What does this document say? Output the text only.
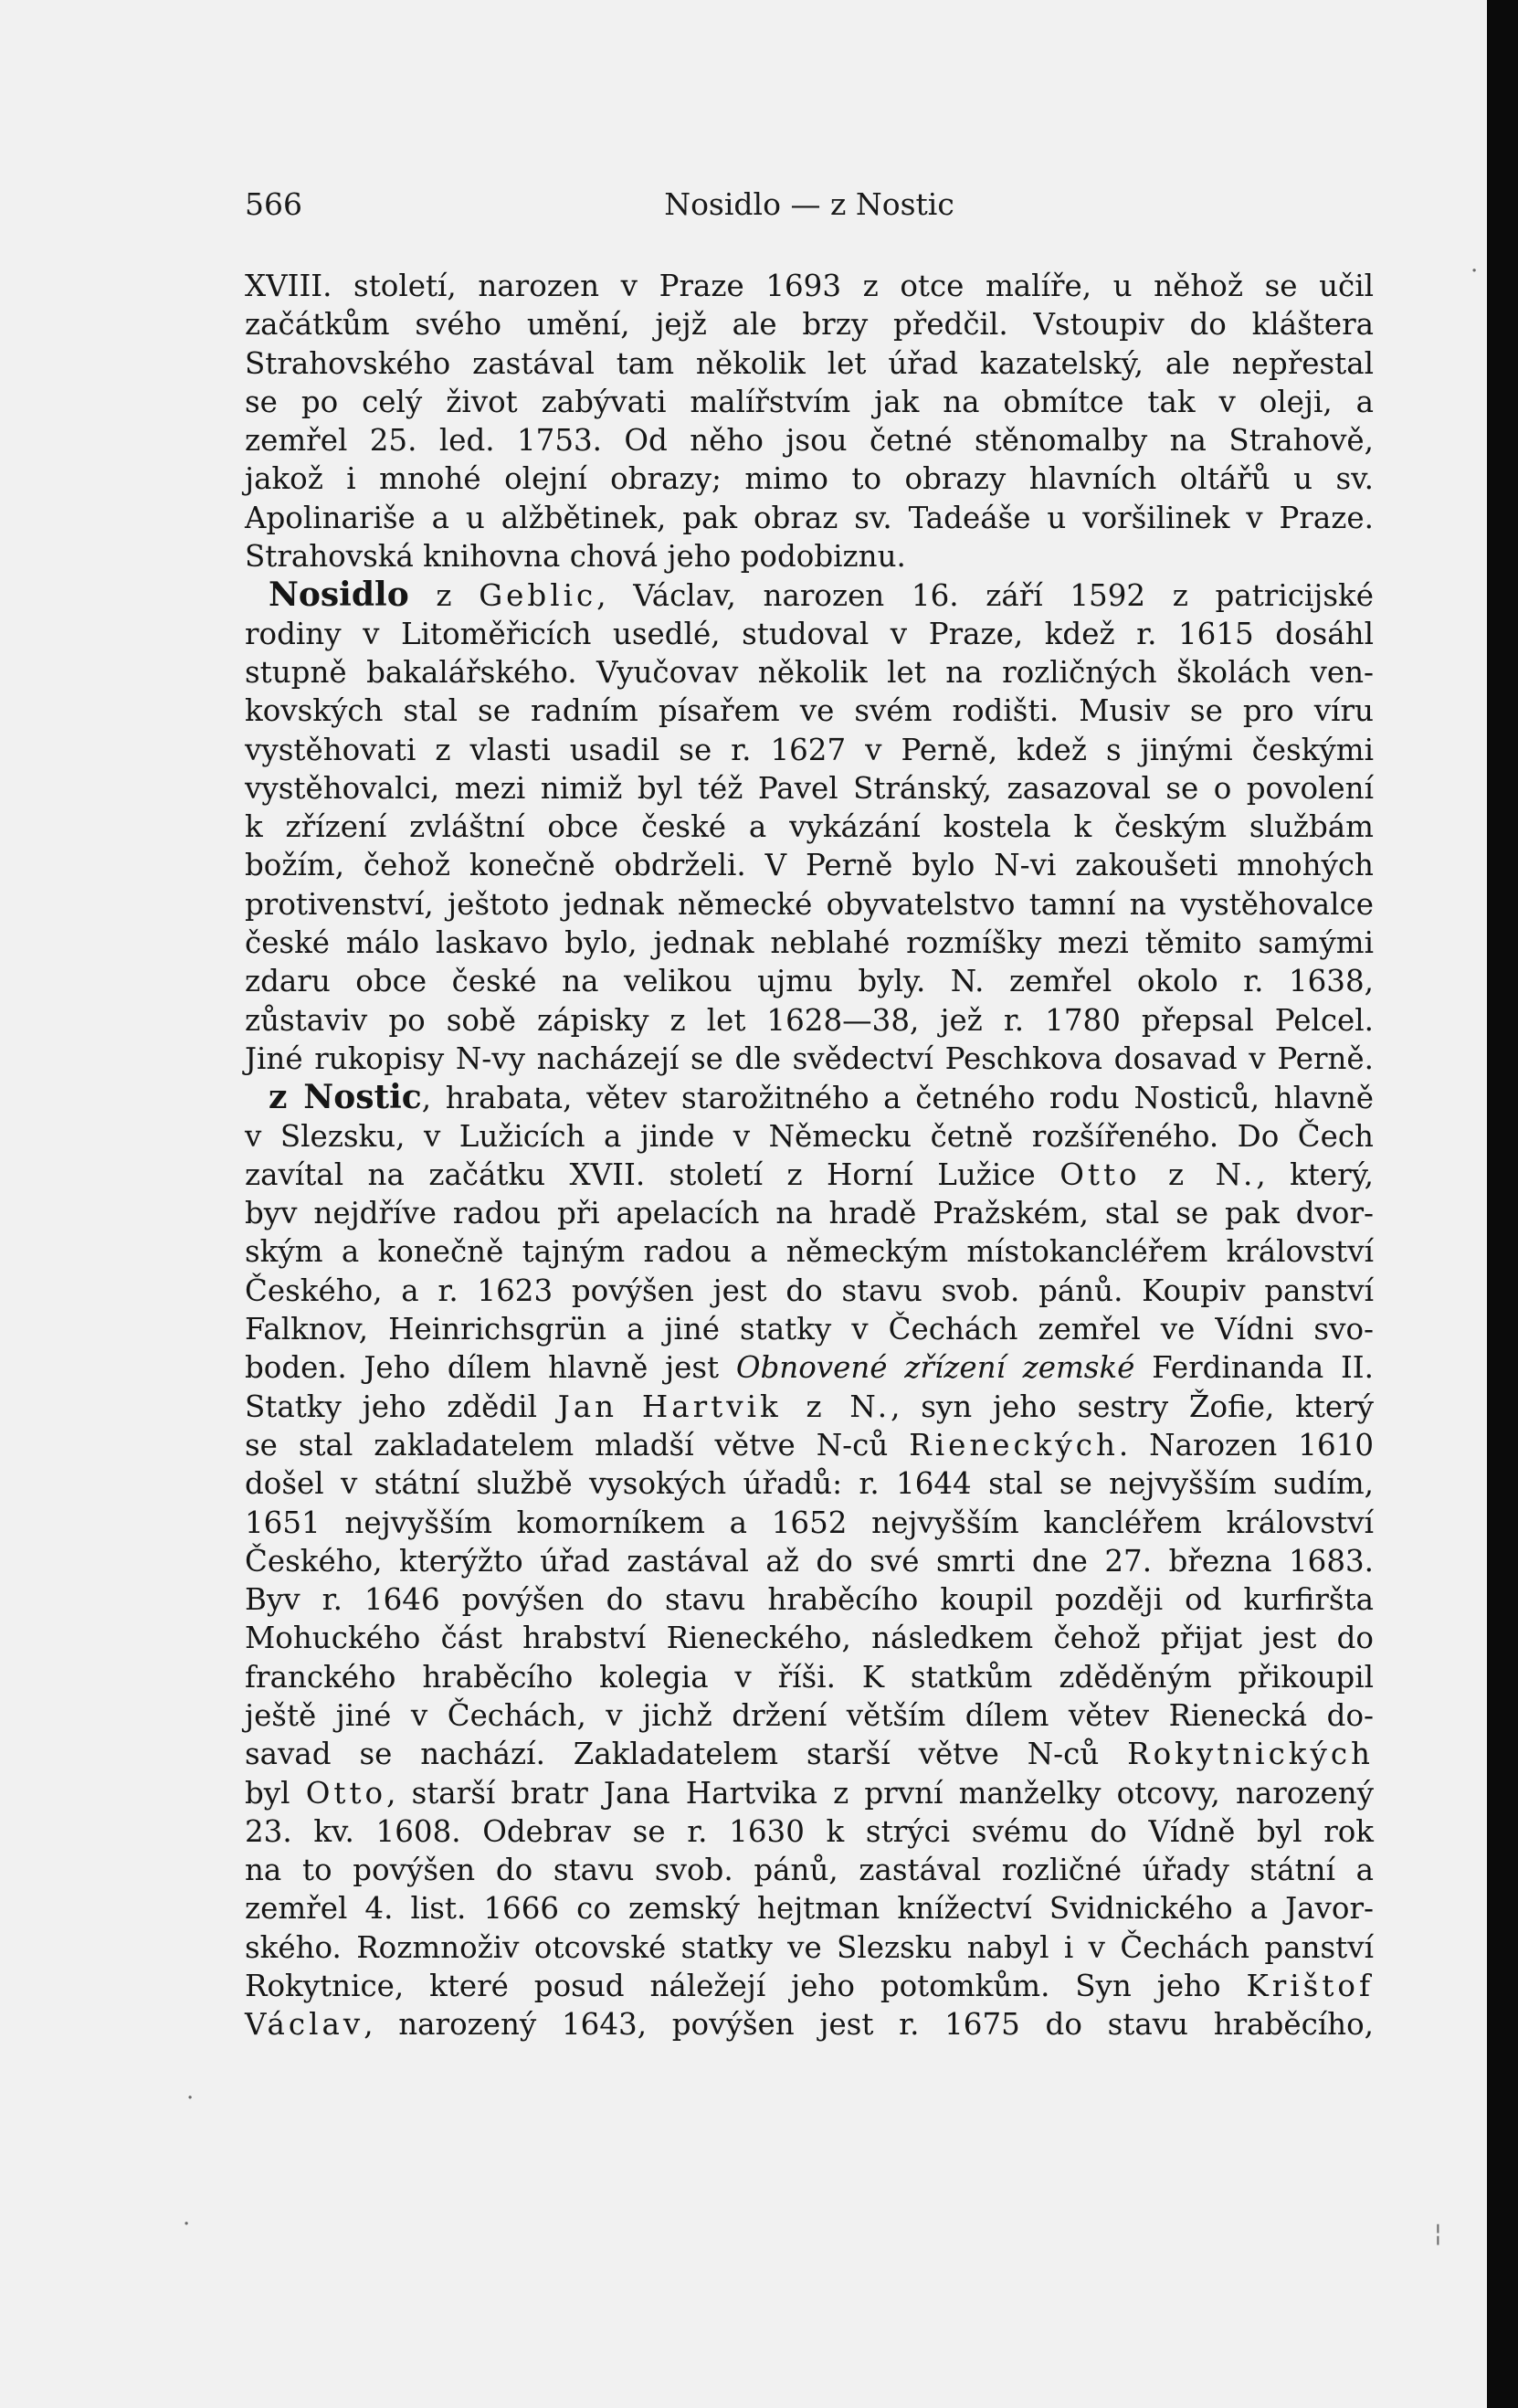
566	Nosidlo — z Nostic
XVIII. století, narozen v Praze 1693 z otce malíře, u něhož se učil
začátkům svého umění, jejž ale brzy předčil. Vstoupiv do kláštera
Strahovského zastával tam několik let úřad kazatelský, ale nepřestal
se po celý život zabývati malířstvím jak na obmítce tak v oleji, a
zemřel 25. led. 1753. Od něho jsou četné stěnomalby na Strahově,
jakož i mnohé olejní obrazy; mimo to obrazy hlavních oltářů u sv.
Apolinariše a u alžbětinek, pak obraz sv. Tadeáše u voršilinek v Praze.
Strahovská knihovna chová jeho podobiznu.
Nosidlo z Geblic, Václav, narozen 16. září 1592 z patricijské
rodiny v Litoměřicích usedlé, studoval v Praze, kdež r. 1615 dosáhl
stupně bakalářského. Vyučovav několik let na rozličných školách ven-
kovských stal se radním písařem ve svém rodišti. Musiv se pro víru
vystěhovati z vlasti usadil se r. 1627 v Perně, kdež s jinými českými
vystěhovalci, mezi nimiž byl též Pavel Stránský, zasazoval se o povolení
k zřízení zvláštní obce české a vykázání kostela k českým službám
božím, čehož konečně obdrželi. V Perně bylo N-vi zakoušeti mnohých
protivenství, ještoto jednak německé obyvatelstvo tamní na vystěhovalce
české málo laskavo bylo, jednak neblahé rozmíšky mezi těmito samými
zdaru obce české na velikou ujmu byly. N. zemřel okolo r. 1638,
zůstaviv po sobě zápisky z let 1628—38, jež r. 1780 přepsal Pelcel.
Jiné rukopisy N-vy nacházejí se dle svědectví Peschkova dosavad v Perně.
z Nostic, hrabata, větev starožitného a četného rodu Nosticů, hlavně
v Slezsku, v Lužicích a jinde v Německu četně rozšířeného. Do Čech
zavítal na začátku XVII. století z Horní Lužice Otto z N., který,
byv nejdříve radou při apelacích na hradě Pražském, stal se pak dvor-
ským a konečně tajným radou a německým místokancléřem království
Českého, a r. 1623 povýšen jest do stavu svob. pánů. Koupiv panství
Falknov, Heinrichsgrün a jiné statky v Čechách zemřel ve Vídni svo-
boden. Jeho dílem hlavně jest Obnovené zřízení zemské Ferdinanda II.
Statky jeho zdědil Jan Hartvik z N., syn jeho sestry Žofie, který
se stal zakladatelem mladší větve N-ců Rieneckých. Narozen 1610
došel v státní službě vysokých úřadů: r. 1644 stal se nejvyšším sudím,
1651 nejvyšším komorníkem a 1652 nejvyšším kancléřem království
Českého, kterýžto úřad zastával až do své smrti dne 27. března 1683.
Byv r. 1646 povýšen do stavu hraběcího koupil později od kurfiršta
Mohuckého část hrabství Rieneckého, následkem čehož přijat jest do
franckého hraběcího kolegia v říši. K statkům zděděným přikoupil
ještě jiné v Čechách, v jichž držení větším dílem větev Rienecká do-
savad se nachází. Zakladatelem starší větve N-ců Rokytnických
byl Otto, starší bratr Jana Hartvika z první manželky otcovy, narozený
23. kv. 1608. Odebrav se r. 1630 k strýci svému do Vídně byl rok
na to povýšen do stavu svob. pánů, zastával rozličné úřady státní a
zemřel 4. list. 1666 co zemský hejtman knížectví Svidnického a Javor-
ského. Rozmnoživ otcovské statky ve Slezsku nabyl i v Čechách panství
Rokytnice, které posud náležejí jeho potomkům. Syn jeho Krištof
Václav, narozený 1643, povýšen jest r. 1675 do stavu hraběcího,
·
·
·	¦
